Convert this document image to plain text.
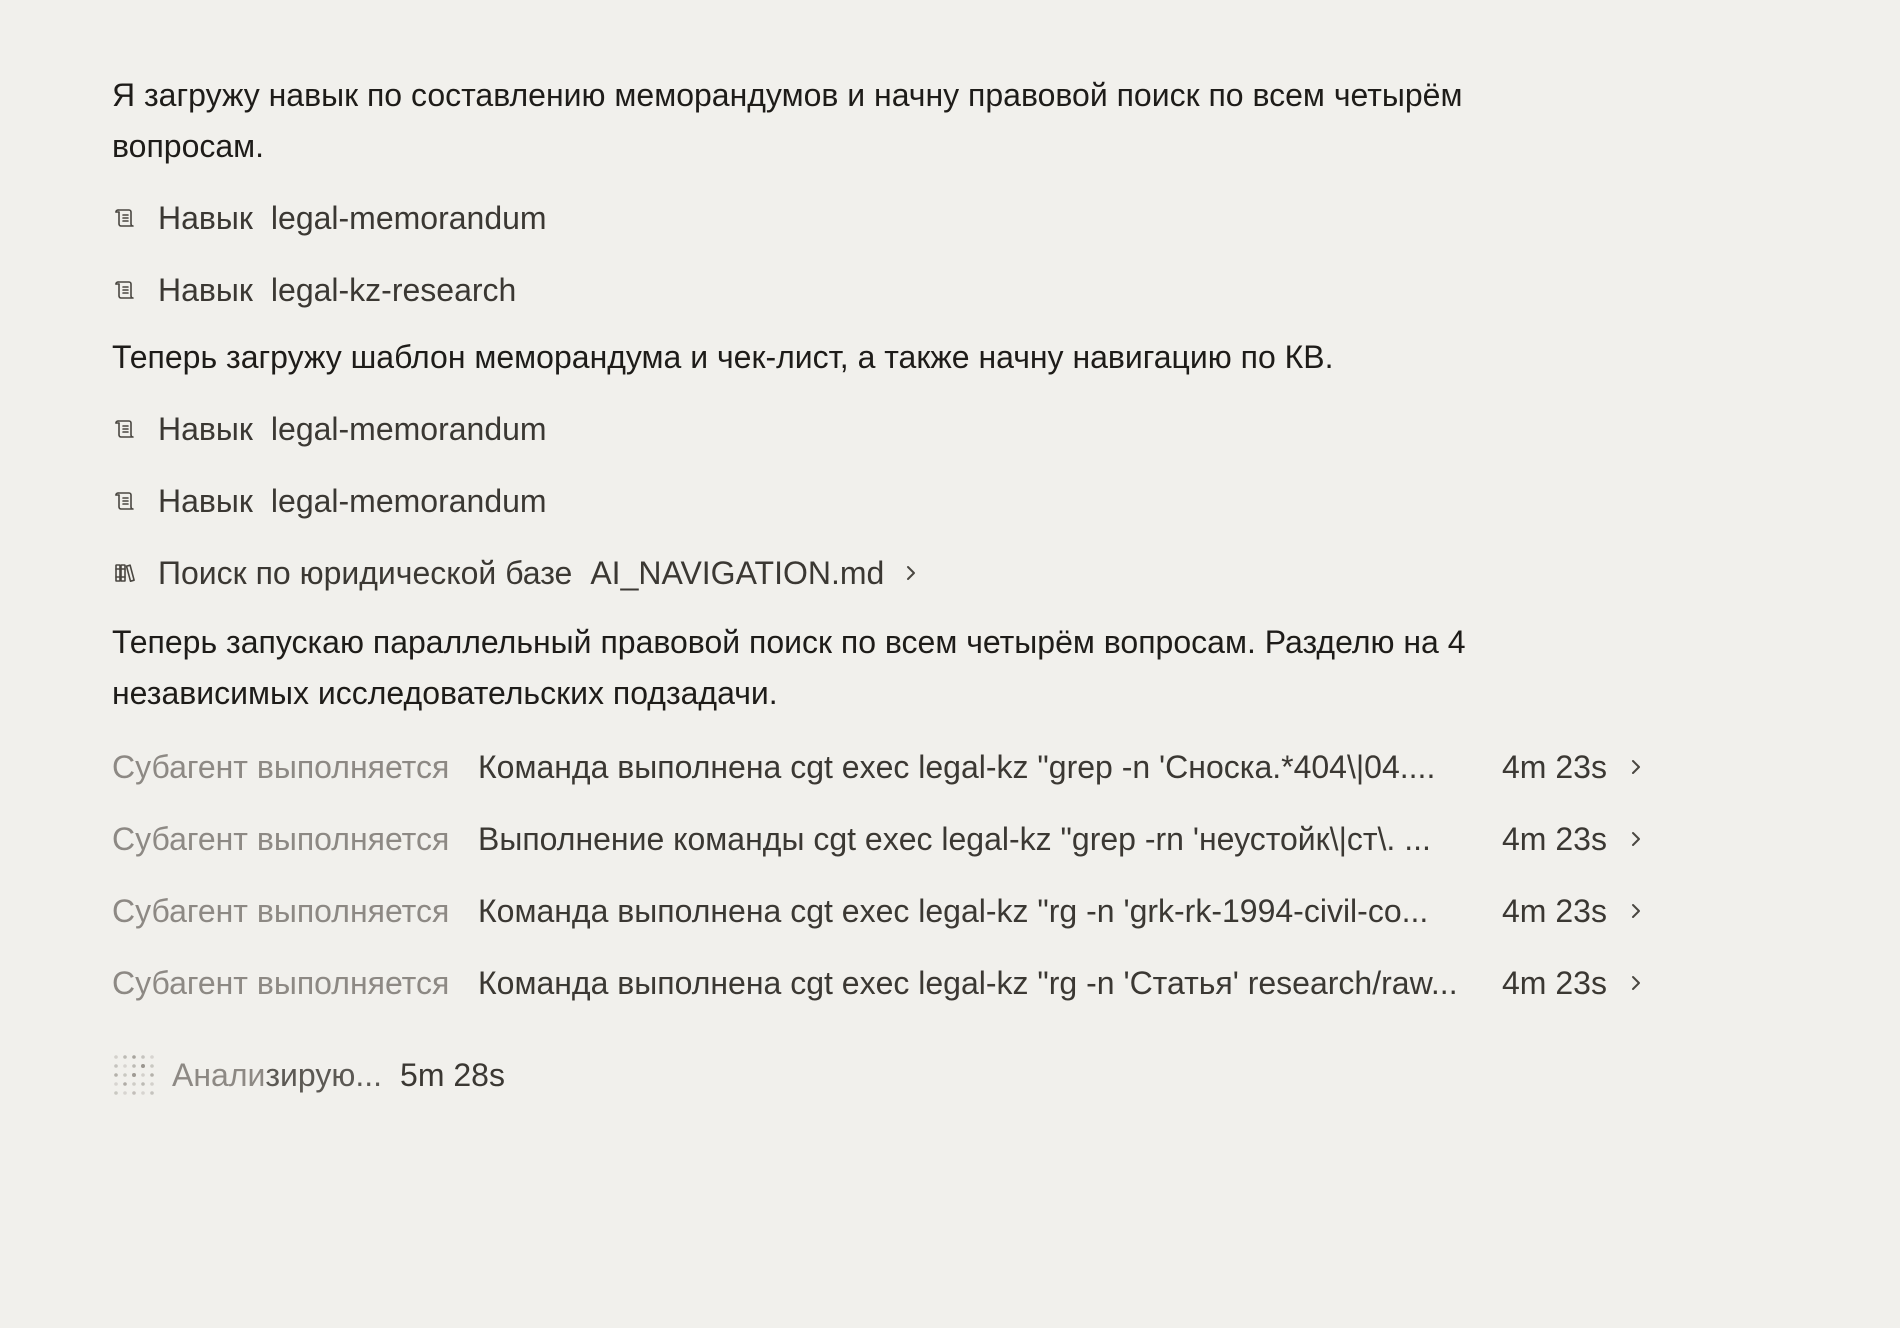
Я загружу навык по составлению меморандумов и начну правовой поиск по всем четырём вопросам.

Навык legal-memorandum
Навык legal-kz-research

Теперь загружу шаблон меморандума и чек-лист, а также начну навигацию по КВ.

Навык legal-memorandum
Навык legal-memorandum
Поиск по юридической базе AI_NAVIGATION.md

Теперь запускаю параллельный правовой поиск по всем четырём вопросам. Разделю на 4 независимых исследовательских подзадачи.

Субагент выполняется Команда выполнена cgt exec legal-kz "grep -n 'Сноска.*404\|04....	4m 23s
Субагент выполняется Выполнение команды cgt exec legal-kz "grep -rn 'неустойк\|ст\. ...	4m 23s
Субагент выполняется Команда выполнена cgt exec legal-kz "rg -n 'grk-rk-1994-civil-co...	4m 23s
Субагент выполняется Команда выполнена cgt exec legal-kz "rg -n 'Статья' research/raw...	4m 23s
Анали зирую... 5m 28s
